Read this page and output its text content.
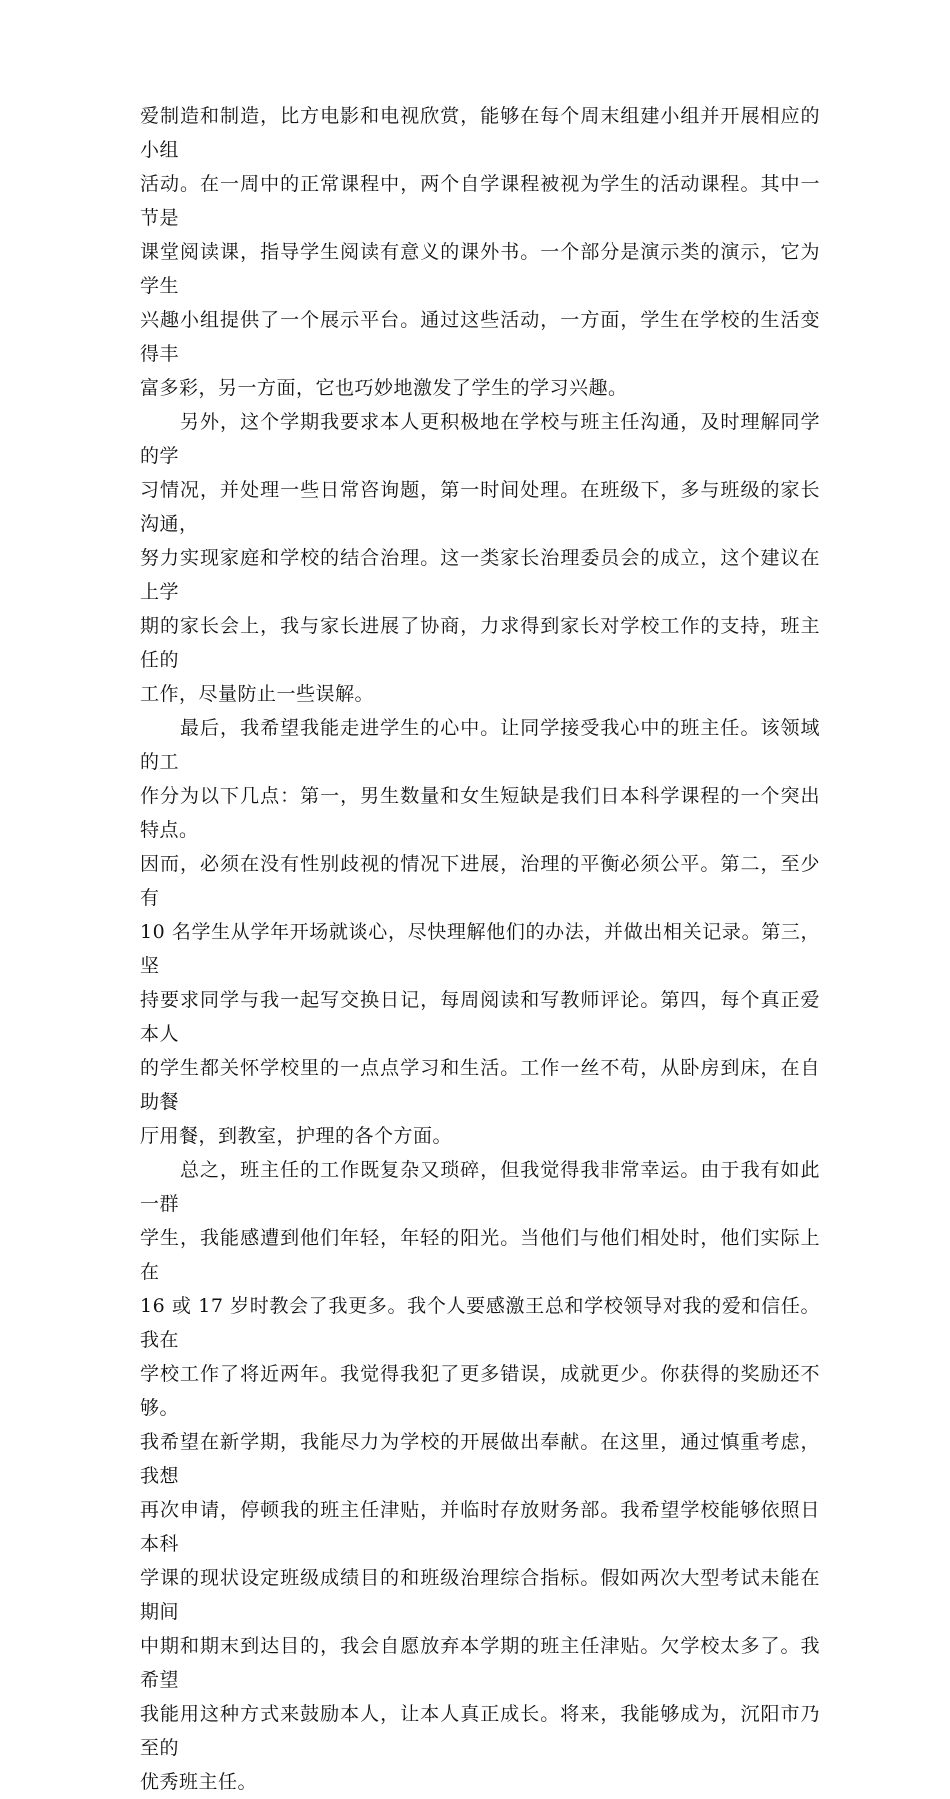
爱制造和制造，比方电影和电视欣赏，能够在每个周末组建小组并开展相应的小组
活动。在一周中的正常课程中，两个自学课程被视为学生的活动课程。其中一节是
课堂阅读课，指导学生阅读有意义的课外书。一个部分是演示类的演示，它为学生
兴趣小组提供了一个展示平台。通过这些活动，一方面，学生在学校的生活变得丰
富多彩，另一方面，它也巧妙地激发了学生的学习兴趣。

　　另外，这个学期我要求本人更积极地在学校与班主任沟通，及时理解同学的学
习情况，并处理一些日常咨询题，第一时间处理。在班级下，多与班级的家长沟通，
努力实现家庭和学校的结合治理。这一类家长治理委员会的成立，这个建议在上学
期的家长会上，我与家长进展了协商，力求得到家长对学校工作的支持，班主任的
工作，尽量防止一些误解。

　　最后，我希望我能走进学生的心中。让同学接受我心中的班主任。该领域的工
作分为以下几点：第一，男生数量和女生短缺是我们日本科学课程的一个突出特点。
因而，必须在没有性别歧视的情况下进展，治理的平衡必须公平。第二，至少有
10 名学生从学年开场就谈心，尽快理解他们的办法，并做出相关记录。第三，坚
持要求同学与我一起写交换日记，每周阅读和写教师评论。第四，每个真正爱本人
的学生都关怀学校里的一点点学习和生活。工作一丝不苟，从卧房到床，在自助餐
厅用餐，到教室，护理的各个方面。

　　总之，班主任的工作既复杂又琐碎，但我觉得我非常幸运。由于我有如此一群
学生，我能感遭到他们年轻，年轻的阳光。当他们与他们相处时，他们实际上在
16 或 17 岁时教会了我更多。我个人要感激王总和学校领导对我的爱和信任。我在
学校工作了将近两年。我觉得我犯了更多错误，成就更少。你获得的奖励还不够。
我希望在新学期，我能尽力为学校的开展做出奉献。在这里，通过慎重考虑，我想
再次申请，停顿我的班主任津贴，并临时存放财务部。我希望学校能够依照日本科
学课的现状设定班级成绩目的和班级治理综合指标。假如两次大型考试未能在期间
中期和期末到达目的，我会自愿放弃本学期的班主任津贴。欠学校太多了。我希望
我能用这种方式来鼓励本人，让本人真正成长。将来，我能够成为，沉阳市乃至的
优秀班主任。
